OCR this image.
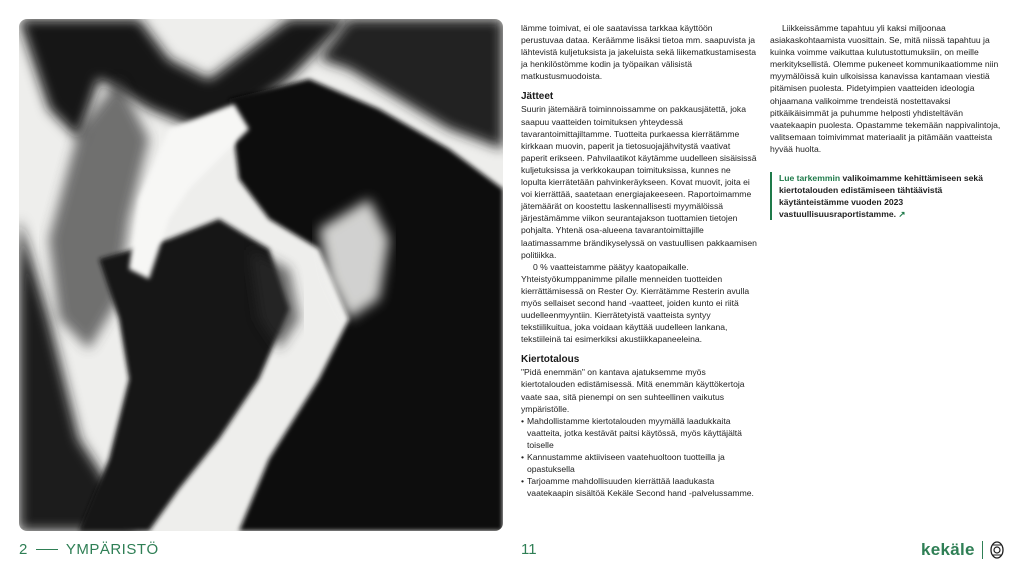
lämme toimivat, ei ole saatavissa tarkkaa käyttöön perustuvaa dataa. Keräämme lisäksi tietoa mm. saapuvista ja lähtevistä kuljetuksista ja jakeluista sekä liikematkustamisesta ja henkilöstömme kodin ja työpaikan välisistä matkustusmuodoista.

Jätteet

Suurin jätemäärä toiminnoissamme on pakkausjätettä, joka saapuu vaatteiden toimituksen yhteydessä tavarantoimittajiltamme. Tuotteita purkaessa kierrätämme kirkkaan muovin, paperit ja tietosuojajähvitystä vaativat paperit erikseen. Pahvilaatikot käytämme uudelleen sisäisissä kuljetuksissa ja verkkokaupan toimituksissa, kunnes ne lopulta kierrätetään pahvinkeräykseen. Kovat muovit, joita ei voi kierrättää, saatetaan energiajakeeseen. Raportoimamme jätemäärät on koostettu laskennallisesti myymälöissä järjestämämme viikon seurantajakson tuottamien tietojen pohjalta. Yhtenä osa-alueena tavarantoimittajille laatimassamme brändikyselyssä on vastuullisen pakkaamisen politiikka.

0 % vaatteistamme päätyy kaatopaikalle. Yhteistyökumppanimme pilalle menneiden tuotteiden kierrättämisessä on Rester Oy. Kierrätämme Resterin avulla myös sellaiset second hand -vaatteet, joiden kunto ei riitä uudelleenmyyntiin. Kierrätetyistä vaatteista syntyy tekstiilikuitua, joka voidaan käyttää uudelleen lankana, tekstiileinä tai esimerkiksi akustiikkapaneeleina.

Kiertotalous

"Pidä enemmän" on kantava ajatuksemme myös kiertotalouden edistämisessä. Mitä enemmän käyttökertoja vaate saa, sitä pienempi on sen suhteellinen vaikutus ympäristölle.

• Mahdollistamme kiertotalouden myymällä laadukkaita vaatteita, jotka kestävät paitsi käytössä, myös käyttäjältä toiselle
• Kannustamme aktiiviseen vaatehuoltoon tuotteilla ja opastuksella
• Tarjoamme mahdollisuuden kierrättää laadukasta vaatekaapin sisältöä Kekäle Second hand -palvelussamme.

Liikkeissämme tapahtuu yli kaksi miljoonaa asiakaskohtaamista vuosittain. Se, mitä niissä tapahtuu ja kuinka voimme vaikuttaa kulutustottumuksiin, on meille merkityksellistä. Olemme pukeneet kommunikaatiomme niin myymälöissä kuin ulkoisissa kanavissa kantamaan viestiä pitämisen puolesta. Pidetyimpien vaatteiden ideologia ohjaamana valikoimme trendeistä nostettavaksi pitkäikäisimmät ja puhumme helposti yhdisteltävän vaatekaapin puolesta. Opastamme tekemään nappivalintoja, valitsemaan toimivimmat materiaalit ja pitämään vaatteista hyvää huolta.

Lue tarkemmin valikoimamme kehittämiseen sekä kiertotalouden edistämiseen tähtäävistä käytänteistämme vuoden 2023 vastuullisuusraportistamme. ↗
2	YMPÄRISTÖ	11	kekäle
